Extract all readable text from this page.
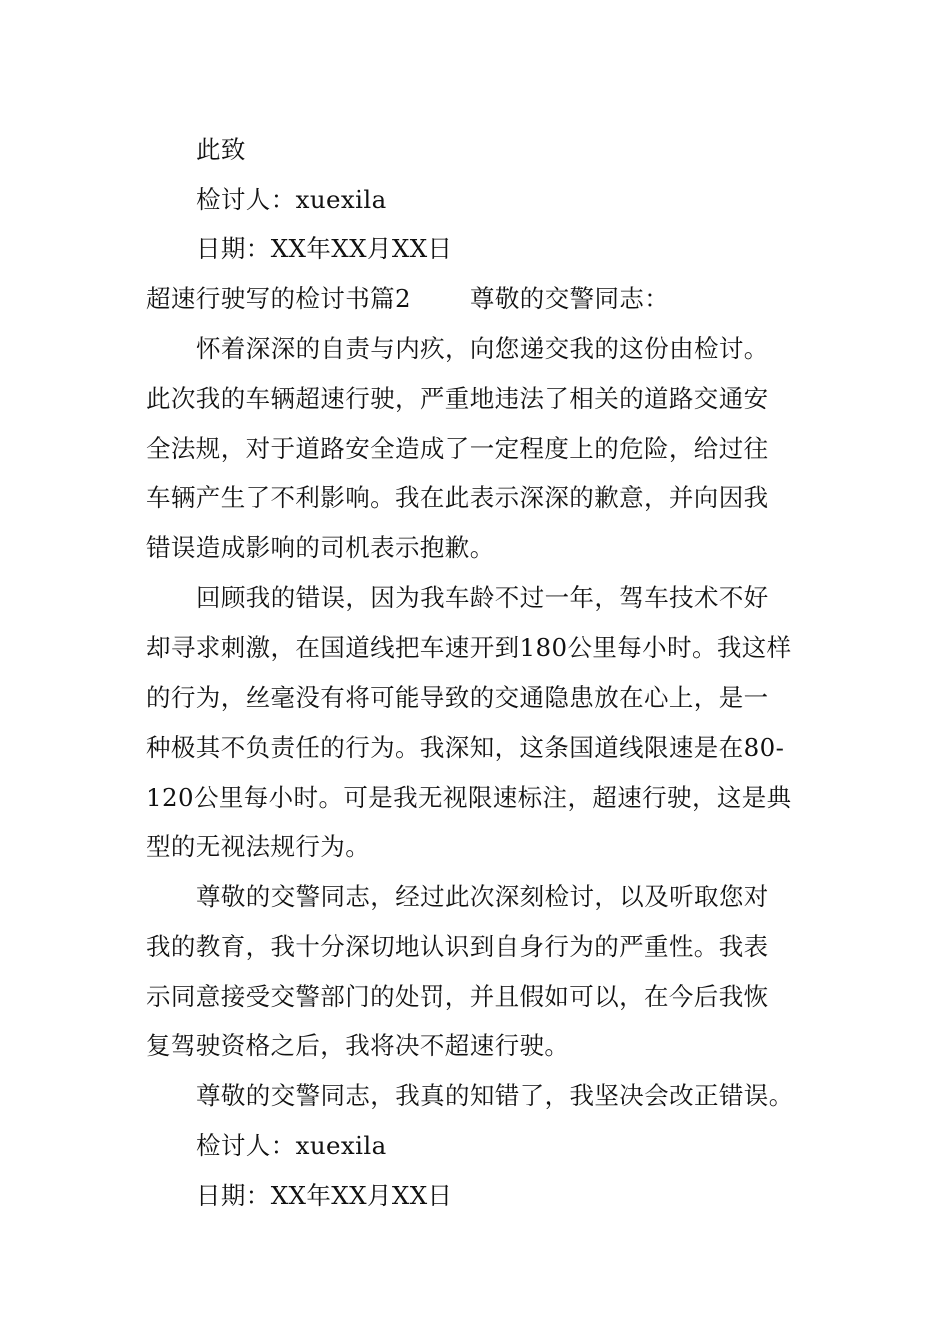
此致
检讨人：xuexila
日期：XX年XX月XX日
超速行驶写的检讨书篇2 尊敬的交警同志：
怀着深深的自责与内疚，向您递交我的这份由检讨。
此次我的车辆超速行驶，严重地违法了相关的道路交通安
全法规，对于道路安全造成了一定程度上的危险，给过往
车辆产生了不利影响。我在此表示深深的歉意，并向因我
错误造成影响的司机表示抱歉。
回顾我的错误，因为我车龄不过一年，驾车技术不好
却寻求刺激，在国道线把车速开到180公里每小时。我这样
的行为，丝毫没有将可能导致的交通隐患放在心上，是一
种极其不负责任的行为。我深知，这条国道线限速是在80-
120公里每小时。可是我无视限速标注，超速行驶，这是典
型的无视法规行为。
尊敬的交警同志，经过此次深刻检讨，以及听取您对
我的教育，我十分深切地认识到自身行为的严重性。我表
示同意接受交警部门的处罚，并且假如可以，在今后我恢
复驾驶资格之后，我将决不超速行驶。
尊敬的交警同志，我真的知错了，我坚决会改正错误。
检讨人：xuexila
日期：XX年XX月XX日
